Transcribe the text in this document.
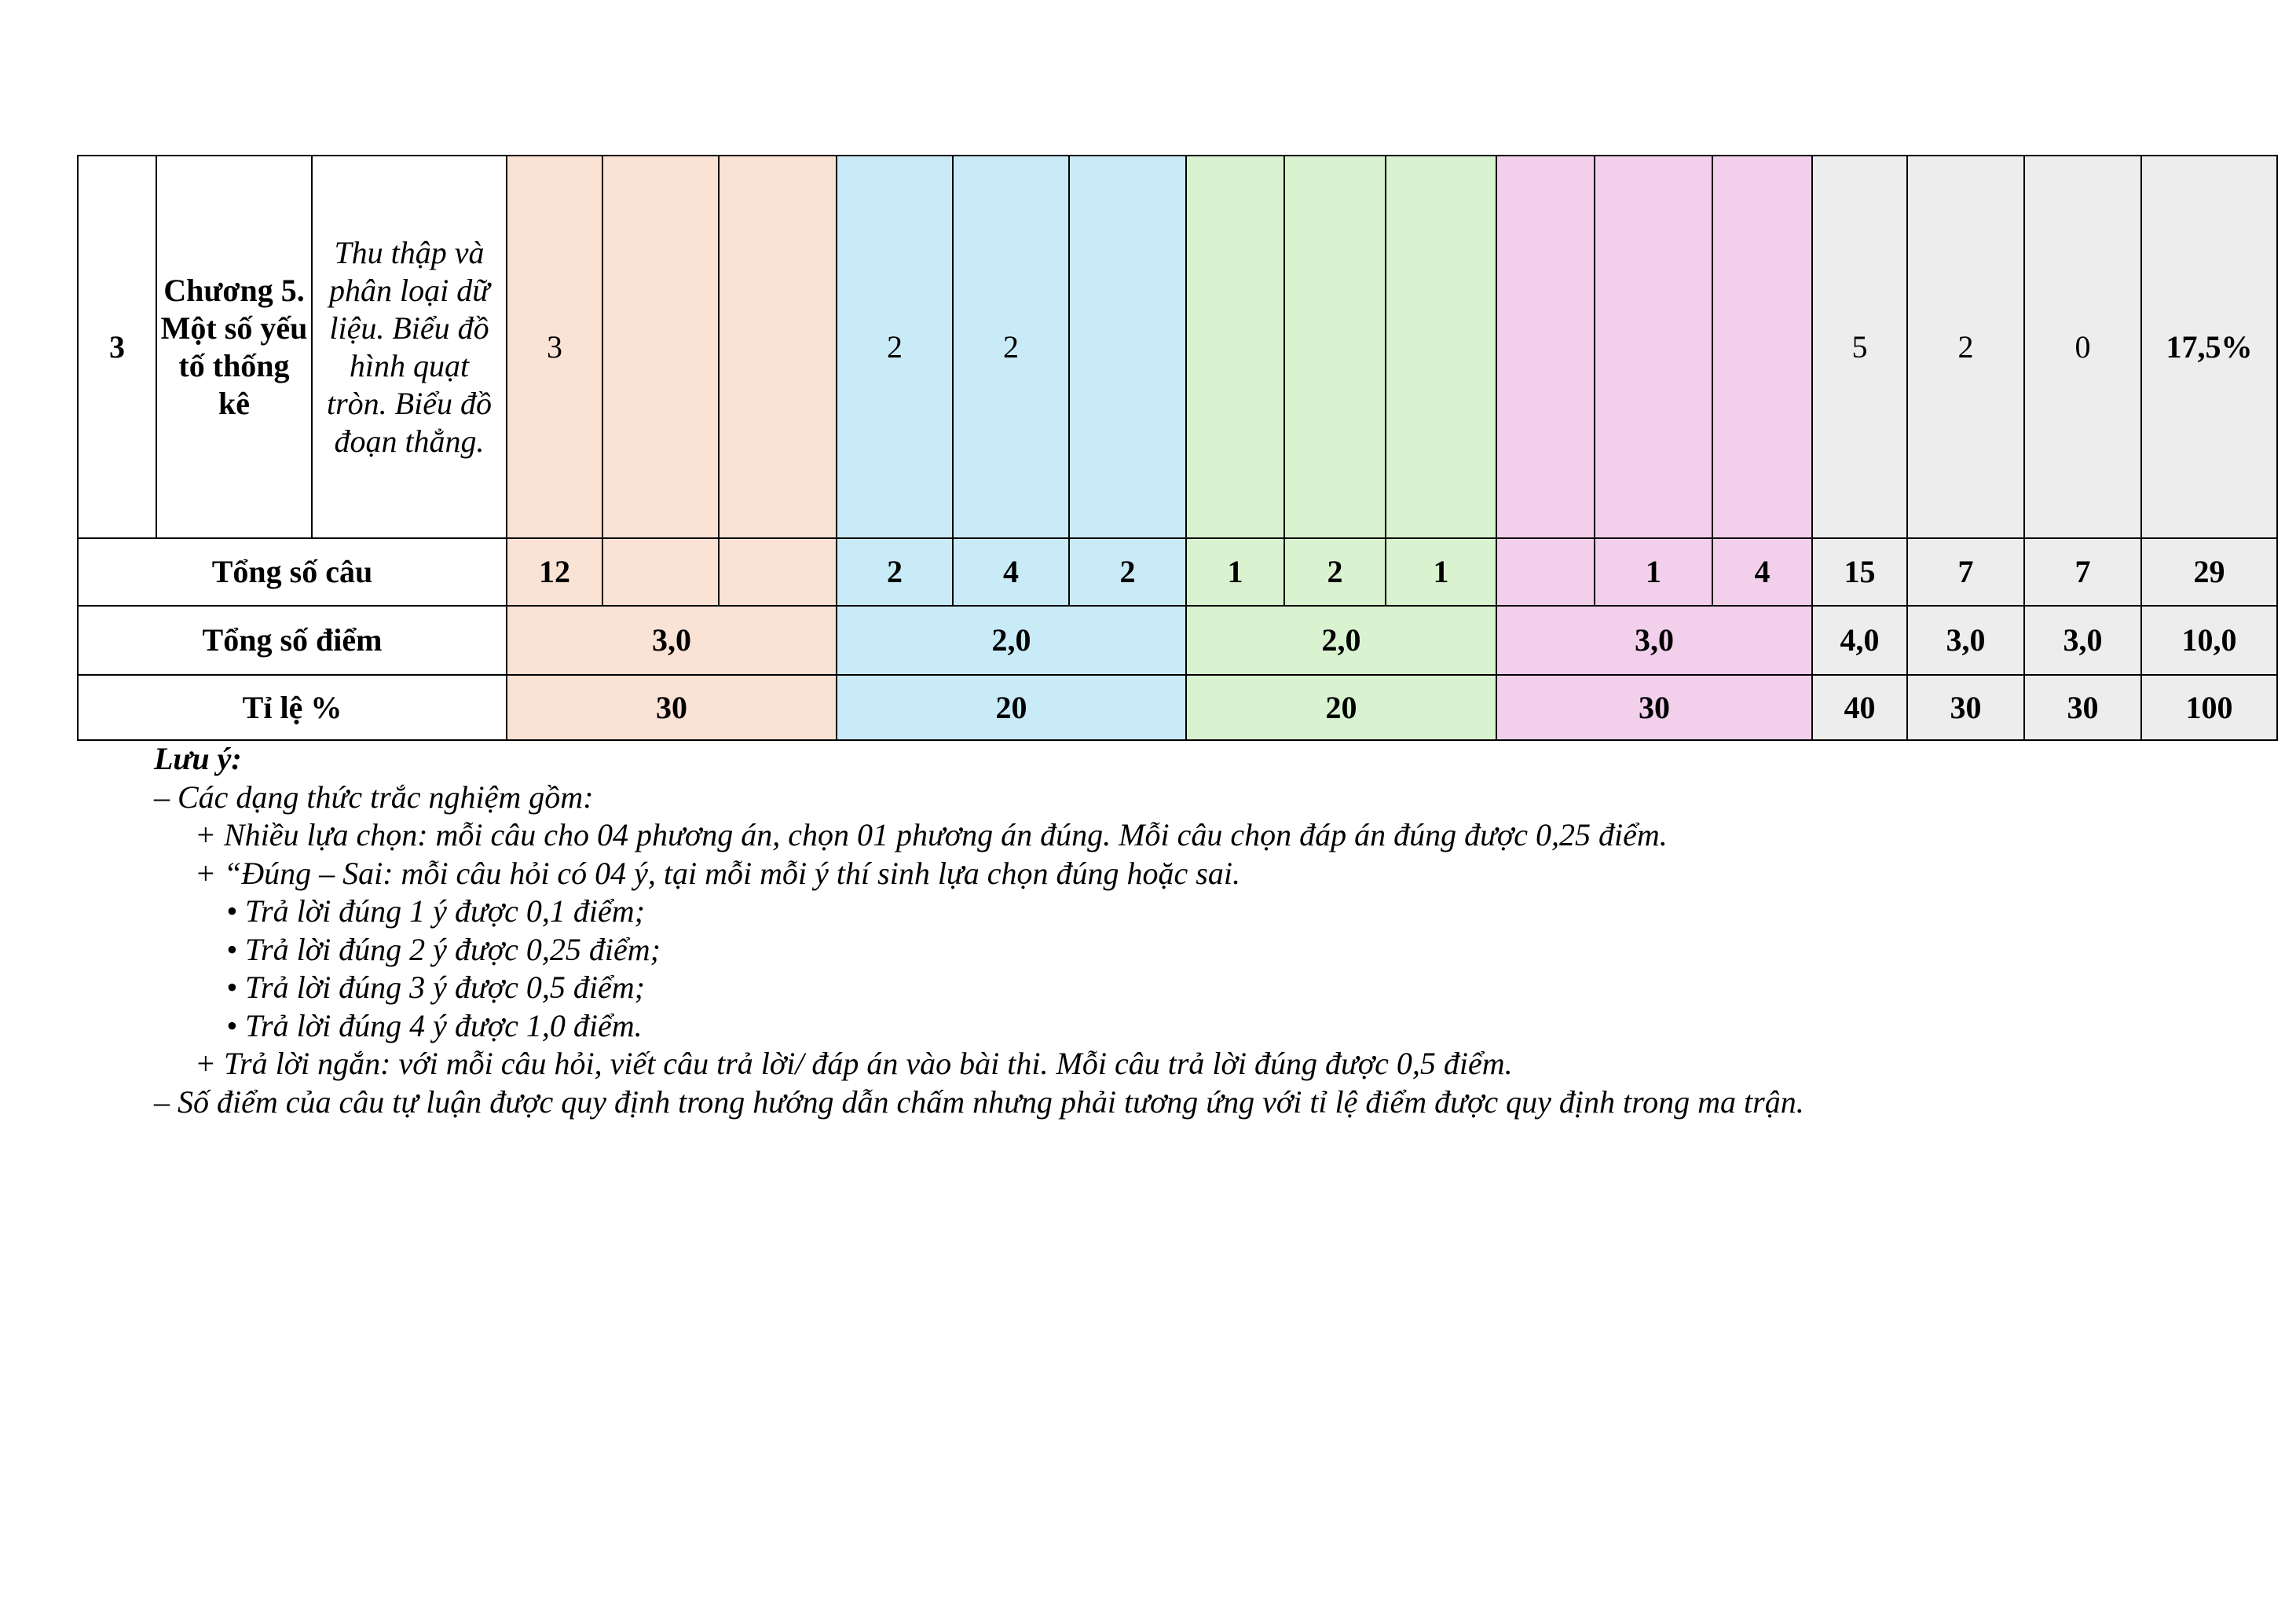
3	Chương 5. Một số yếu tố thống kê	Thu thập và phân loại dữ liệu. Biểu đồ hình quạt tròn. Biểu đồ đoạn thẳng.	3			2	2								5	2	0	17,5%
Tổng số câu			12			2	4	2	1	2	1		1	4	15	7	7	29
Tổng số điểm			3,0			2,0			2,0			3,0			4,0	3,0	3,0	10,0
Tỉ lệ %			30			20			20			30			40	30	30	100
Lưu ý:
– Các dạng thức trắc nghiệm gồm:
+ Nhiều lựa chọn: mỗi câu cho 04 phương án, chọn 01 phương án đúng. Mỗi câu chọn đáp án đúng được 0,25 điểm.
+ “Đúng – Sai: mỗi câu hỏi có 04 ý, tại mỗi mỗi ý thí sinh lựa chọn đúng hoặc sai.
• Trả lời đúng 1 ý được 0,1 điểm;
• Trả lời đúng 2 ý được 0,25 điểm;
• Trả lời đúng 3 ý được 0,5 điểm;
• Trả lời đúng 4 ý được 1,0 điểm.
+ Trả lời ngắn: với mỗi câu hỏi, viết câu trả lời/ đáp án vào bài thi. Mỗi câu trả lời đúng được 0,5 điểm.
– Số điểm của câu tự luận được quy định trong hướng dẫn chấm nhưng phải tương ứng với tỉ lệ điểm được quy định trong ma trận.
